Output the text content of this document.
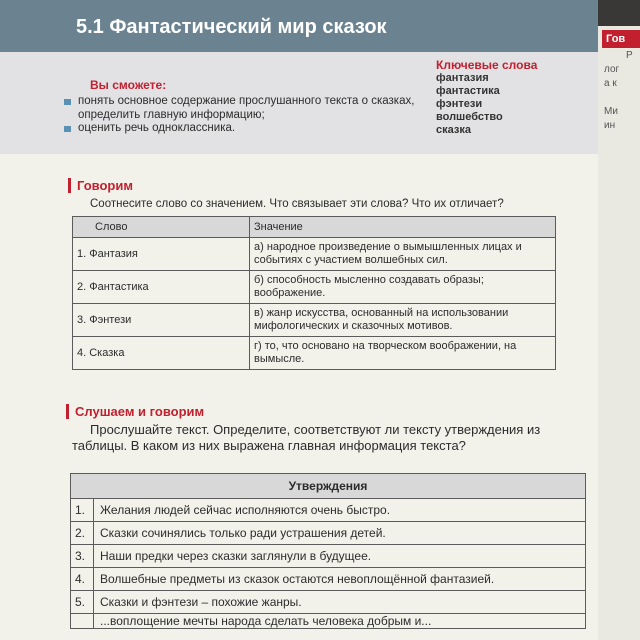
5.1 Фантастический мир сказок

Вы сможете:

понять основное содержание прослушанного текста о сказках, определить главную информацию;
оценить речь одноклассника.

Ключевые слова

фантазия
фантастика
фэнтези
волшебство
сказка
Говорим

Соотнесите слово со значением. Что связывает эти слова? Что их отличает?

Слово	Значение
1. Фантазия	а) народное произведение о вымышленных лицах и событиях с участием волшебных сил.
2. Фантастика	б) способность мысленно создавать образы; воображение.
3. Фэнтези	в) жанр искусства, основанный на использовании мифологических и сказочных мотивов.
4. Сказка	г) то, что основано на творческом воображении, на вымысле.
Слушаем и говорим

Прослушайте текст. Определите, соответствуют ли тексту утверждения из таблицы. В каком из них выражена главная информация текста?

Утверждения	
1.	Желания людей сейчас исполняются очень быстро.
2.	Сказки сочинялись только ради устрашения детей.
3.	Наши предки через сказки заглянули в будущее.
4.	Волшебные предметы из сказок остаются невоплощённой фантазией.
5.	Сказки и фэнтези – похожие жанры.
	...воплощение мечты народа сделать человека добрым и...
Гов

Р

лог

а к

Ми

ин
